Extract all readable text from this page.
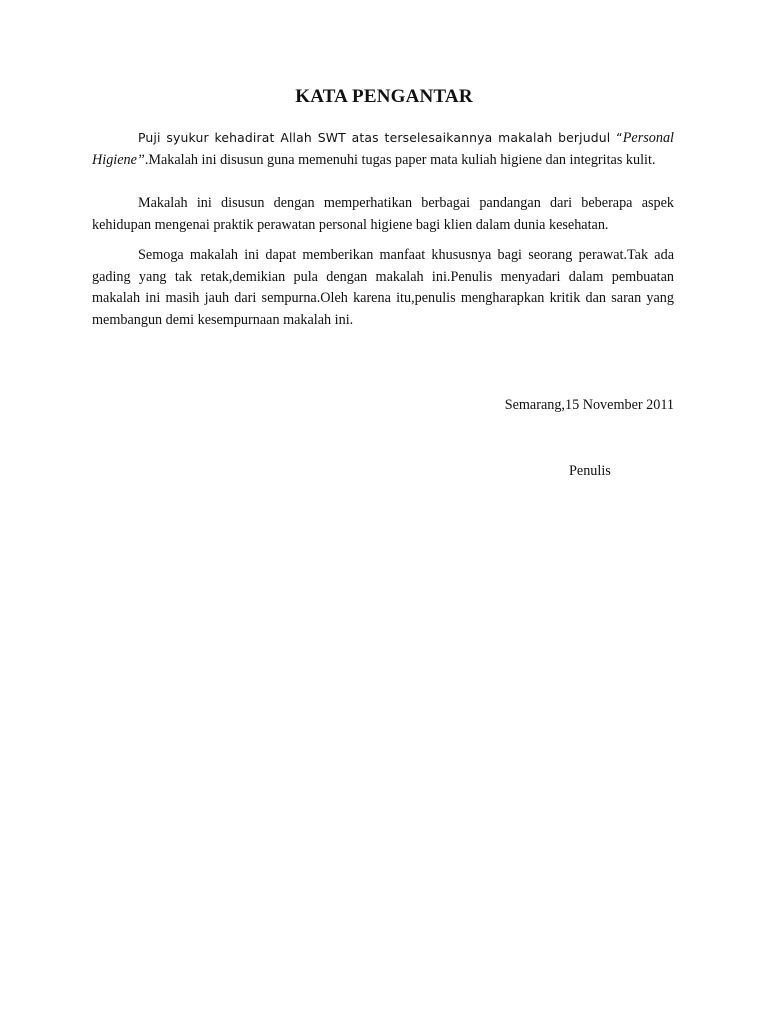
KATA PENGANTAR

Puji syukur kehadirat Allah SWT atas terselesaikannya makalah berjudul “Personal Higiene”.Makalah ini disusun guna memenuhi tugas paper mata kuliah higiene dan integritas kulit.

Makalah ini disusun dengan memperhatikan berbagai pandangan dari beberapa aspek kehidupan mengenai praktik perawatan personal higiene bagi klien dalam dunia kesehatan.

Semoga makalah ini dapat memberikan manfaat khususnya bagi seorang perawat.Tak ada gading yang tak retak,demikian pula dengan makalah ini.Penulis menyadari dalam pembuatan makalah ini masih jauh dari sempurna.Oleh karena itu,penulis mengharapkan kritik dan saran yang membangun demi kesempurnaan makalah ini.

Semarang,15 November 2011

Penulis
